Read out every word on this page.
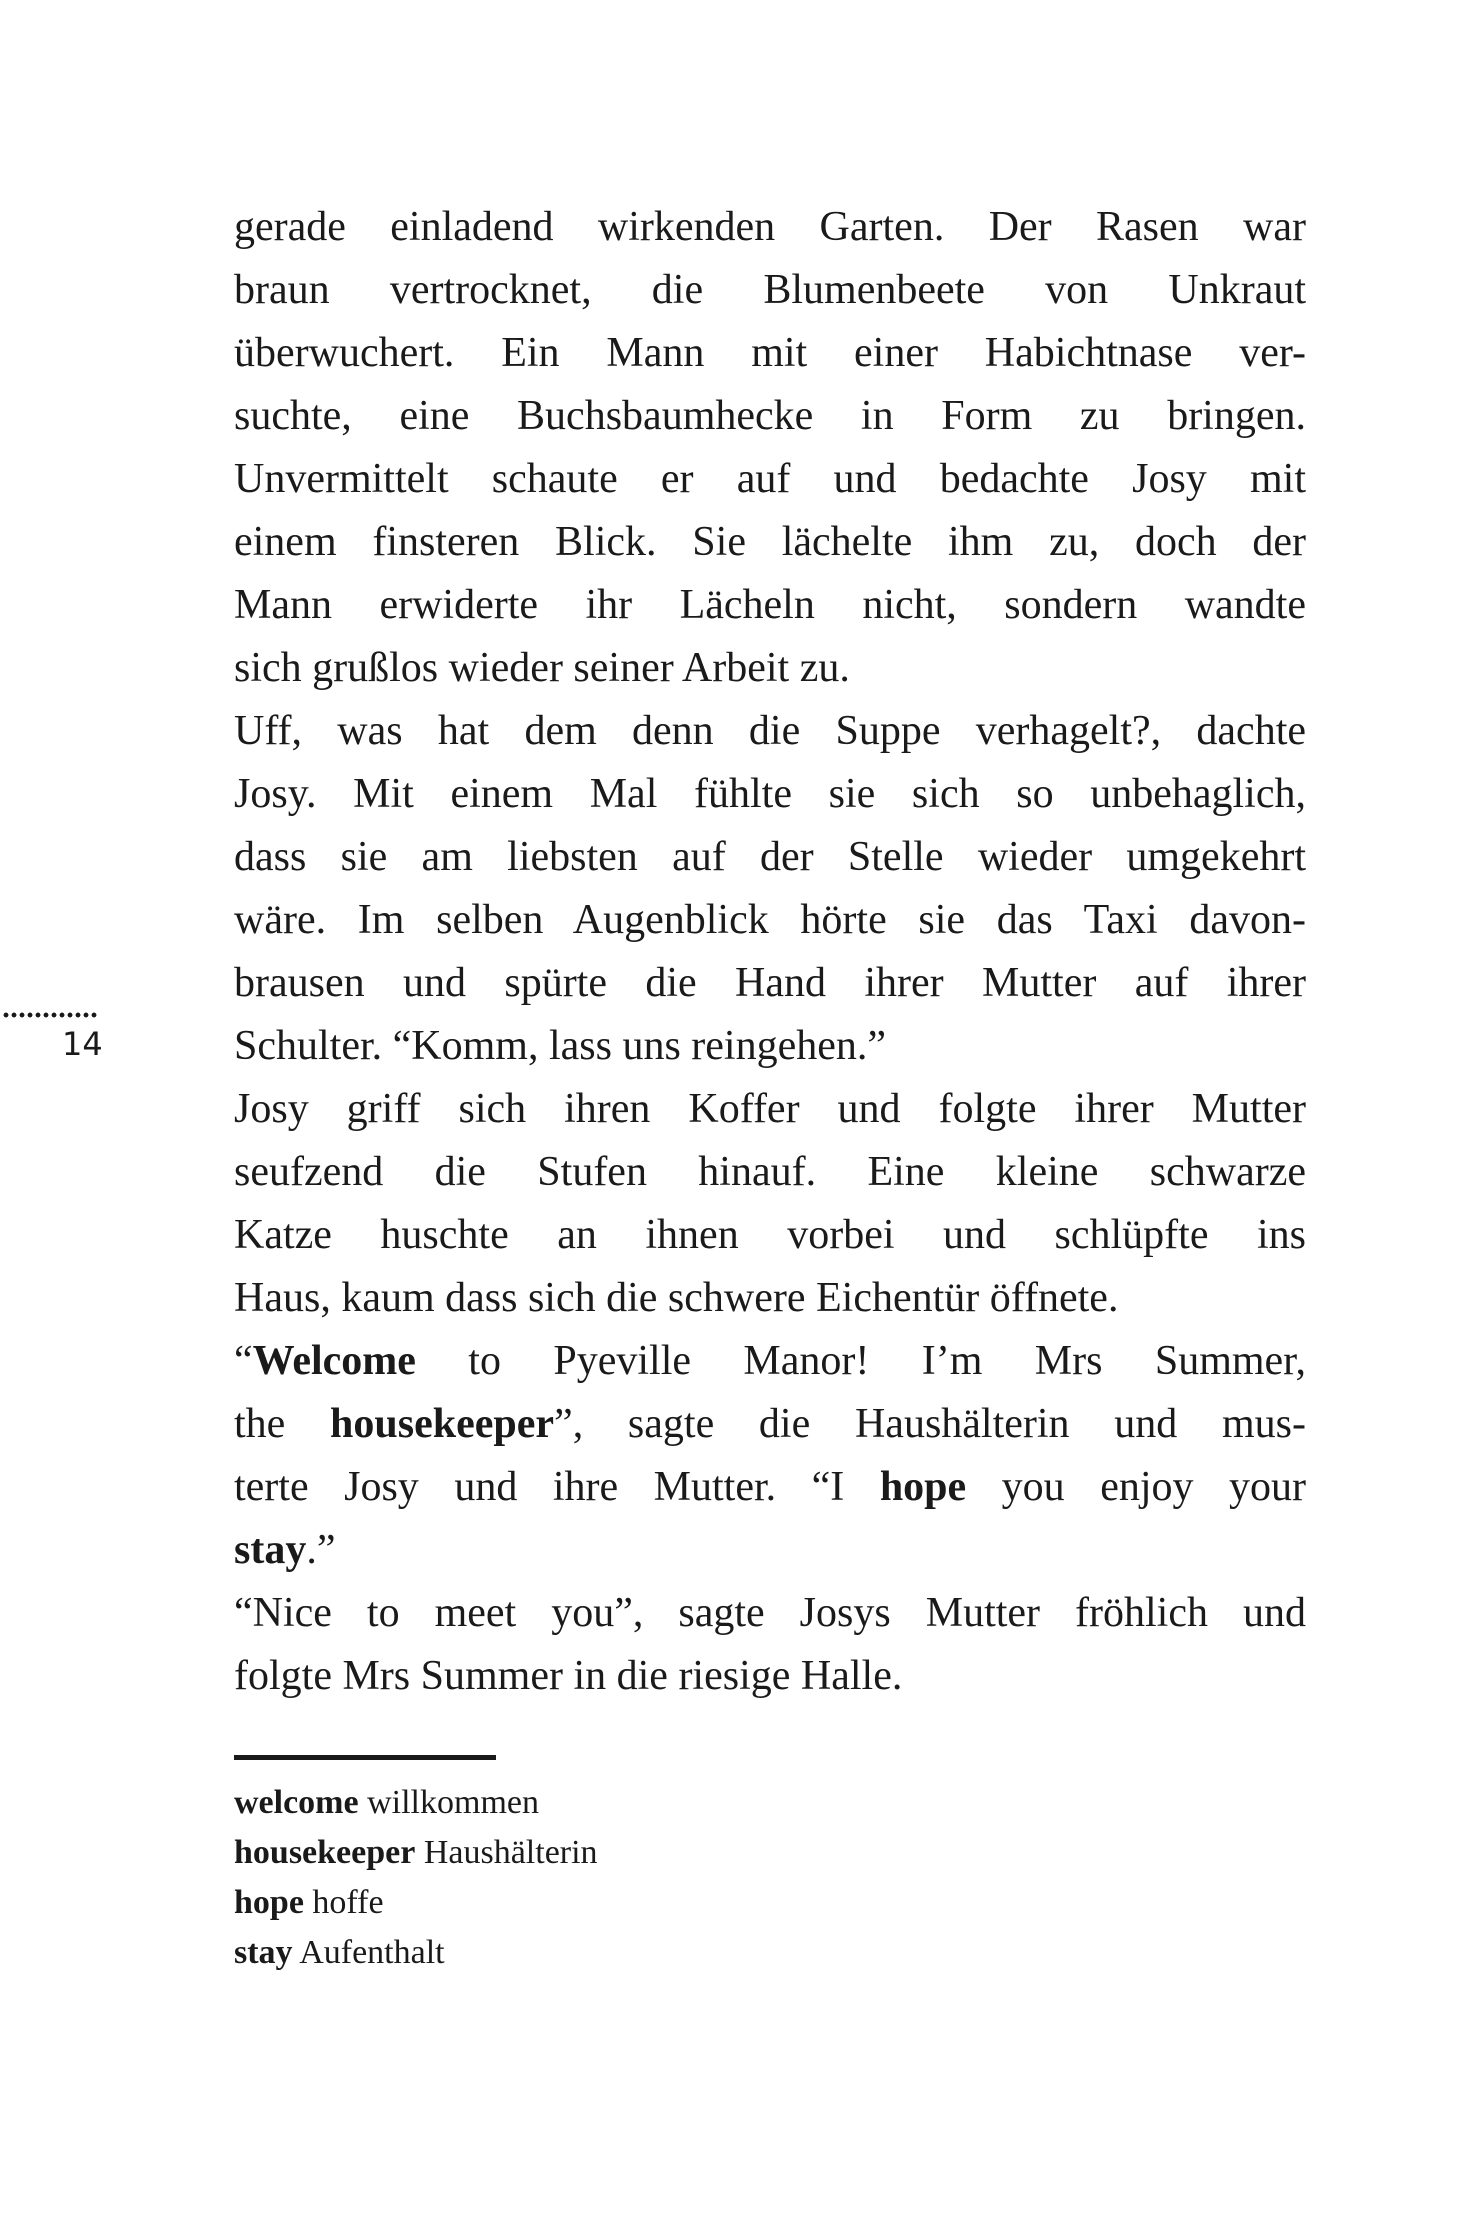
14
gerade einladend wirkenden Garten. Der Rasen war
braun vertrocknet, die Blumenbeete von Unkraut
überwuchert. Ein Mann mit einer Habichtnase ver-
suchte, eine Buchsbaumhecke in Form zu bringen.
Unvermittelt schaute er auf und bedachte Josy mit
einem finsteren Blick. Sie lächelte ihm zu, doch der
Mann erwiderte ihr Lächeln nicht, sondern wandte
sich grußlos wieder seiner Arbeit zu.
Uff, was hat dem denn die Suppe verhagelt?, dachte
Josy. Mit einem Mal fühlte sie sich so unbehaglich,
dass sie am liebsten auf der Stelle wieder umgekehrt
wäre. Im selben Augenblick hörte sie das Taxi davon-
brausen und spürte die Hand ihrer Mutter auf ihrer
Schulter. “Komm, lass uns reingehen.”
Josy griff sich ihren Koffer und folgte ihrer Mutter
seufzend die Stufen hinauf. Eine kleine schwarze
Katze huschte an ihnen vorbei und schlüpfte ins
Haus, kaum dass sich die schwere Eichentür öffnete.
“Welcome to Pyeville Manor! I’m Mrs Summer,
the housekeeper”, sagte die Haushälterin und mus-
terte Josy und ihre Mutter. “I hope you enjoy your
stay.”
“Nice to meet you”, sagte Josys Mutter fröhlich und
folgte Mrs Summer in die riesige Halle.
welcome willkommen
housekeeper Haushälterin
hope hoffe
stay Aufenthalt
